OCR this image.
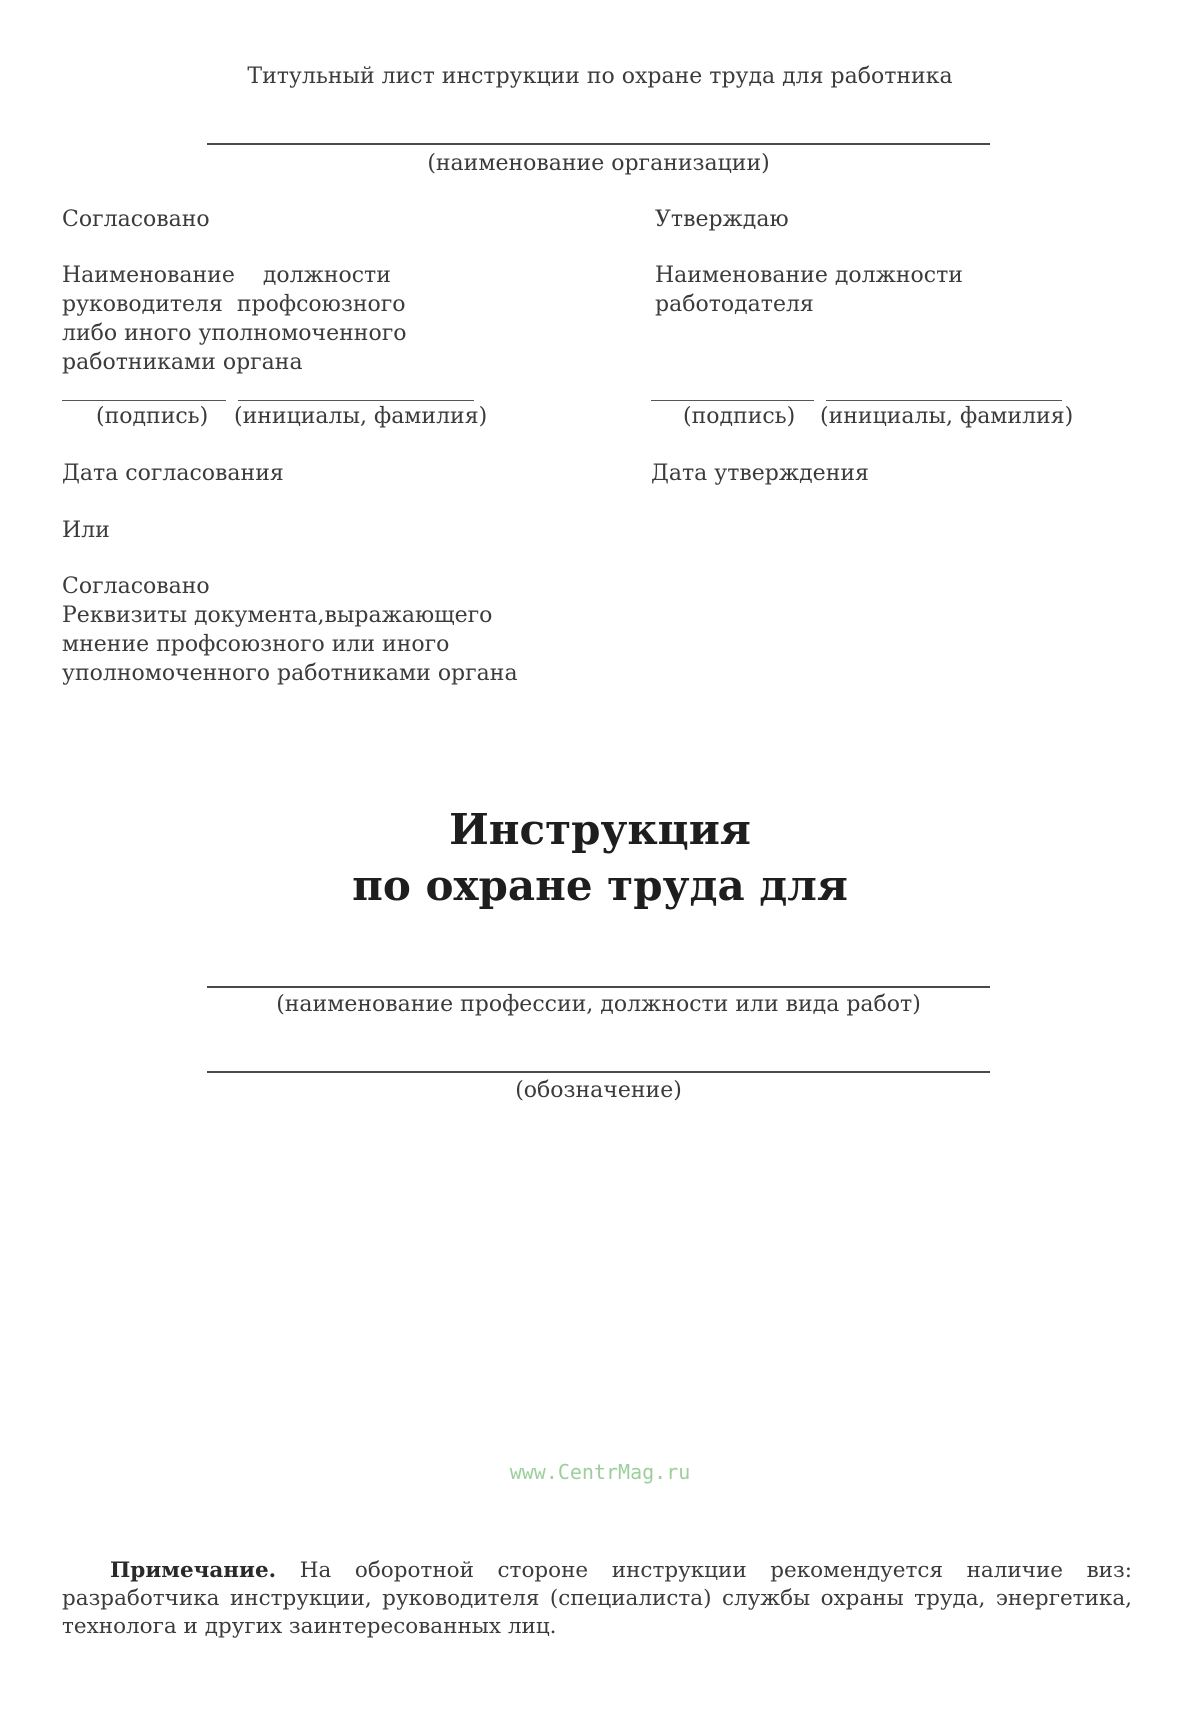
Титульный лист инструкции по охране труда для работника
(наименование организации)
Согласовано
Наименование    должности
руководителя  профсоюзного
либо иного уполномоченного
работниками органа
(подпись) (инициалы, фамилия)
Дата согласования
Или
Согласовано
Реквизиты документа,выражающего
мнение профсоюзного или иного
уполномоченного работниками органа
Утверждаю
Наименование должности
работодателя
(подпись) (инициалы, фамилия)
Дата утверждения
Инструкция
по охране труда для
(наименование профессии, должности или вида работ)
(обозначение)
www.CentrMag.ru
Примечание. На оборотной стороне инструкции рекомендуется наличие виз: разработчика инструкции, руководителя (специалиста) службы охраны труда, энергетика, технолога и других заинтересованных лиц.
